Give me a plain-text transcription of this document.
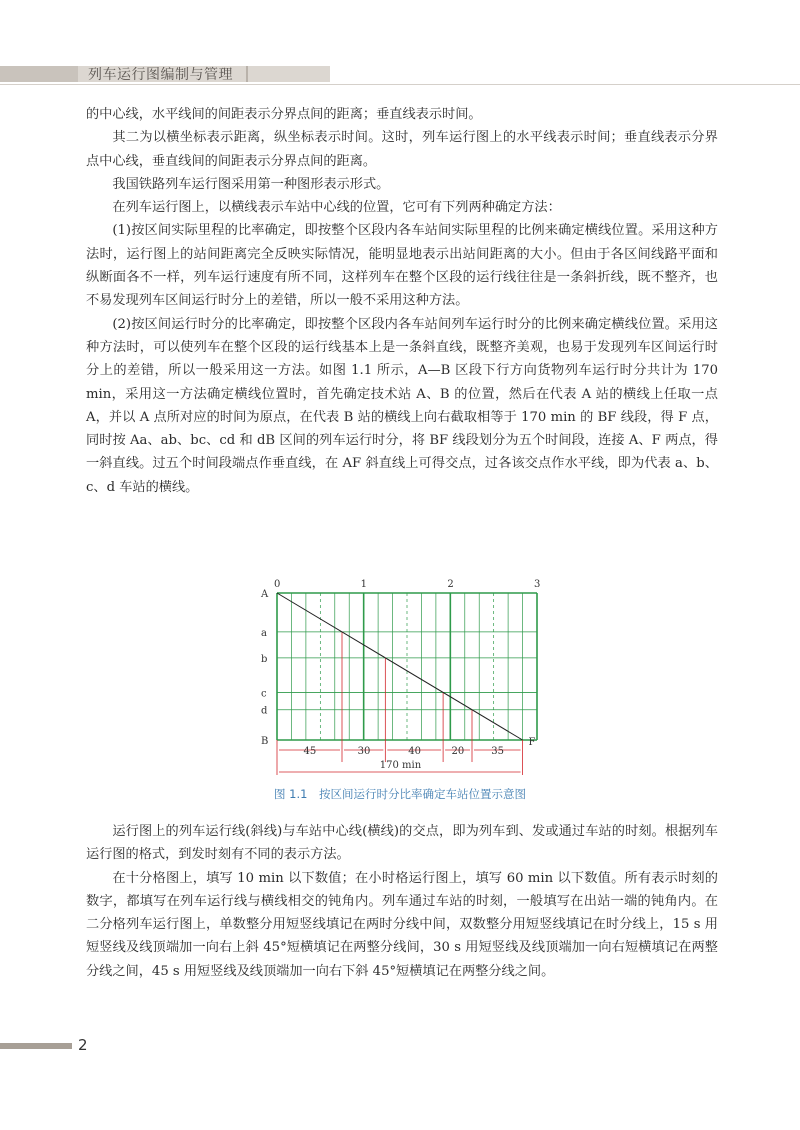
列车运行图编制与管理

的中心线，水平线间的间距表示分界点间的距离；垂直线表示时间。

其二为以横坐标表示距离，纵坐标表示时间。这时，列车运行图上的水平线表示时间；垂直线表示分界点中心线，垂直线间的间距表示分界点间的距离。

我国铁路列车运行图采用第一种图形表示形式。

在列车运行图上，以横线表示车站中心线的位置，它可有下列两种确定方法：

(1)按区间实际里程的比率确定，即按整个区段内各车站间实际里程的比例来确定横线位置。采用这种方法时，运行图上的站间距离完全反映实际情况，能明显地表示出站间距离的大小。但由于各区间线路平面和纵断面各不一样，列车运行速度有所不同，这样列车在整个区段的运行线往往是一条斜折线，既不整齐，也不易发现列车区间运行时分上的差错，所以一般不采用这种方法。

(2)按区间运行时分的比率确定，即按整个区段内各车站间列车运行时分的比例来确定横线位置。采用这种方法时，可以使列车在整个区段的运行线基本上是一条斜直线，既整齐美观，也易于发现列车区间运行时分上的差错，所以一般采用这一方法。如图 1.1 所示，A—B 区段下行方向货物列车运行时分共计为 170 min，采用这一方法确定横线位置时，首先确定技术站 A、B 的位置，然后在代表 A 站的横线上任取一点 A，并以 A 点所对应的时间为原点，在代表 B 站的横线上向右截取相等于 170 min 的 BF 线段，得 F 点，同时按 Aa、ab、bc、cd 和 dB 区间的列车运行时分，将 BF 线段划分为五个时间段，连接 A、F 两点，得一斜直线。过五个时间段端点作垂直线，在 AF 斜直线上可得交点，过各该交点作水平线，即为代表 a、b、c、d 车站的横线。

0	1	2	3
A
a
b
c
d
B
45	30	40	20	35
170 min
F
图 1.1　按区间运行时分比率确定车站位置示意图

运行图上的列车运行线(斜线)与车站中心线(横线)的交点，即为列车到、发或通过车站的时刻。根据列车运行图的格式，到发时刻有不同的表示方法。

在十分格图上，填写 10 min 以下数值；在小时格运行图上，填写 60 min 以下数值。所有表示时刻的数字，都填写在列车运行线与横线相交的钝角内。列车通过车站的时刻，一般填写在出站一端的钝角内。在二分格列车运行图上，单数整分用短竖线填记在两时分线中间，双数整分用短竖线填记在时分线上，15 s 用短竖线及线顶端加一向右上斜 45°短横填记在两整分线间，30 s 用短竖线及线顶端加一向右短横填记在两整分线之间，45 s 用短竖线及线顶端加一向右下斜 45°短横填记在两整分线之间。

2
